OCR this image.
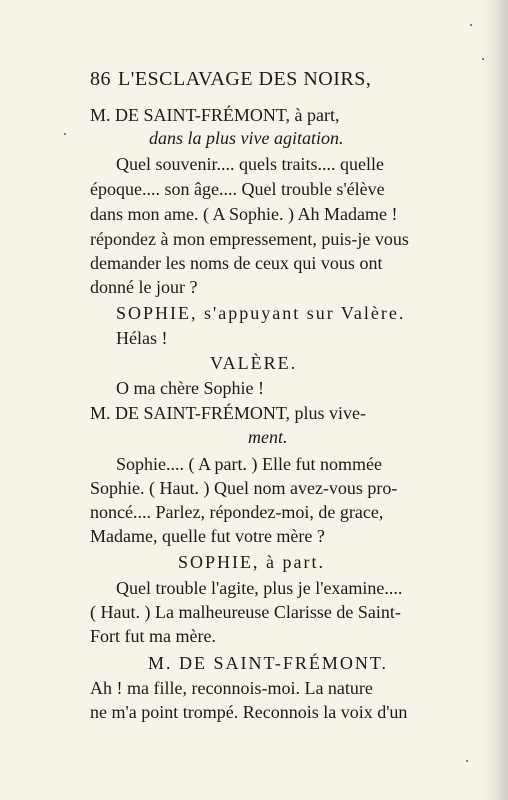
86 L'ESCLAVAGE DES NOIRS,
M. DE SAINT-FRÉMONT, à part,
dans la plus vive agitation.
Quel souvenir.... quels traits.... quelle
époque.... son âge.... Quel trouble s'élève
dans mon ame. ( A Sophie. ) Ah Madame !
répondez à mon empressement, puis-je vous
demander les noms de ceux qui vous ont
donné le jour ?
SOPHIE, s'appuyant sur Valère.
Hélas !
VALÈRE.
O ma chère Sophie !
M. DE SAINT-FRÉMONT, plus vive-
ment.
Sophie.... ( A part. ) Elle fut nommée
Sophie. ( Haut. ) Quel nom avez-vous pro-
noncé.... Parlez, répondez-moi, de grace,
Madame, quelle fut votre mère ?
SOPHIE, à part.
Quel trouble l'agite, plus je l'examine....
( Haut. ) La malheureuse Clarisse de Saint-
Fort fut ma mère.
M. DE SAINT-FRÉMONT.
Ah ! ma fille, reconnois-moi. La nature
ne m'a point trompé. Reconnois la voix d'un
